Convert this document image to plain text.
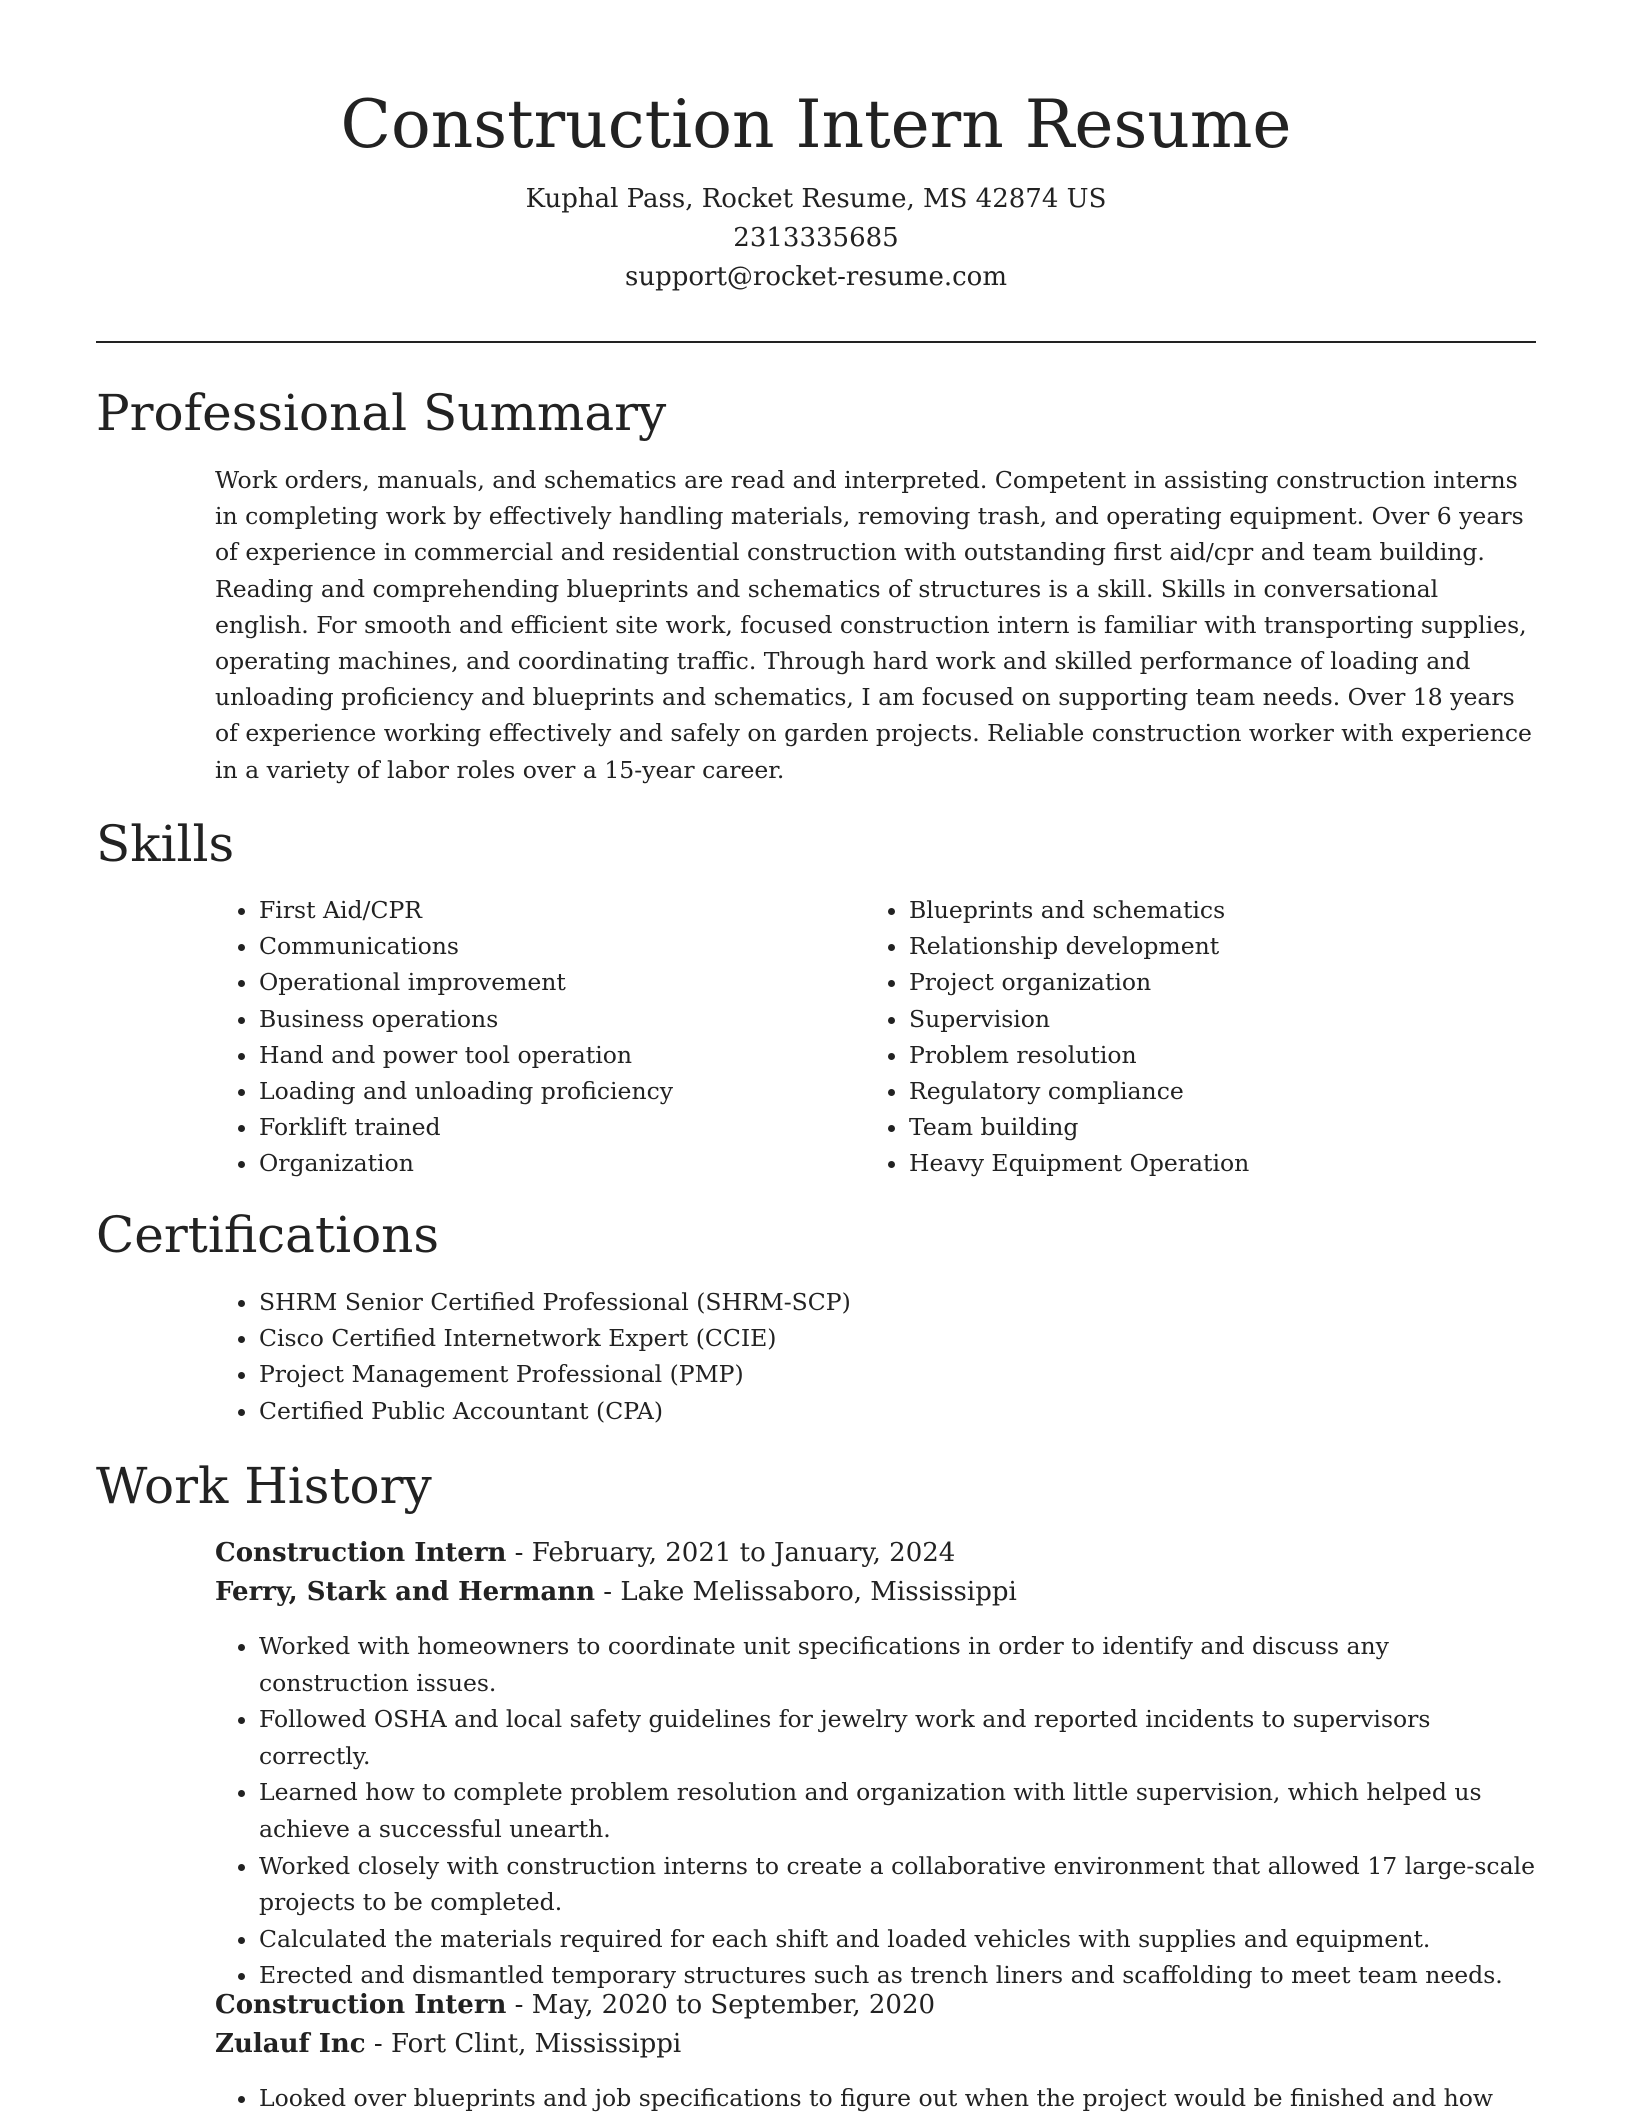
Construction Intern Resume
Kuphal Pass, Rocket Resume, MS 42874 US
2313335685
support@rocket-resume.com
Professional Summary

Work orders, manuals, and schematics are read and interpreted. Competent in assisting construction interns in completing work by effectively handling materials, removing trash, and operating equipment. Over 6 years of experience in commercial and residential construction with outstanding first aid/cpr and team building. Reading and comprehending blueprints and schematics of structures is a skill. Skills in conversational english. For smooth and efficient site work, focused construction intern is familiar with transporting supplies, operating machines, and coordinating traffic. Through hard work and skilled performance of loading and unloading proficiency and blueprints and schematics, I am focused on supporting team needs. Over 18 years of experience working effectively and safely on garden projects. Reliable construction worker with experience in a variety of labor roles over a 15-year career.

Skills
• First Aid/CPR
• Communications
• Operational improvement
• Business operations
• Hand and power tool operation
• Loading and unloading proficiency
• Forklift trained
• Organization
• Blueprints and schematics
• Relationship development
• Project organization
• Supervision
• Problem resolution
• Regulatory compliance
• Team building
• Heavy Equipment Operation
Certifications
• SHRM Senior Certified Professional (SHRM-SCP)
• Cisco Certified Internetwork Expert (CCIE)
• Project Management Professional (PMP)
• Certified Public Accountant (CPA)
Work History
Construction Intern - February, 2021 to January, 2024
Ferry, Stark and Hermann - Lake Melissaboro, Mississippi
• Worked with homeowners to coordinate unit specifications in order to identify and discuss any construction issues.
• Followed OSHA and local safety guidelines for jewelry work and reported incidents to supervisors correctly.
• Learned how to complete problem resolution and organization with little supervision, which helped us achieve a successful unearth.
• Worked closely with construction interns to create a collaborative environment that allowed 17 large-scale projects to be completed.
• Calculated the materials required for each shift and loaded vehicles with supplies and equipment.
• Erected and dismantled temporary structures such as trench liners and scaffolding to meet team needs.
Construction Intern - May, 2020 to September, 2020
Zulauf Inc - Fort Clint, Mississippi
• Looked over blueprints and job specifications to figure out when the project would be finished and how
